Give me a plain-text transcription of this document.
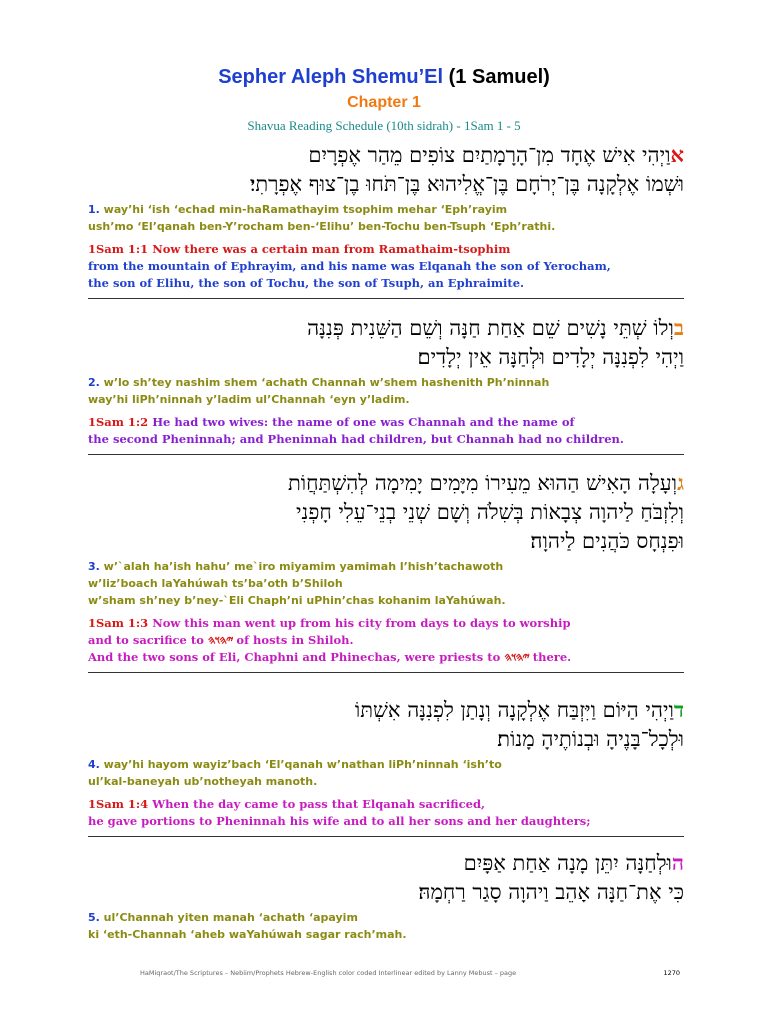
Sepher Aleph Shemu’El (1 Samuel)
Chapter 1
Shavua Reading Schedule (10th sidrah) - 1Sam 1 - 5
אוַיְהִי אִישׁ אֶחָד מִן־הָרָמָתַיִם צוֹפִים מֵהַר אֶפְרָיִם
וּשְׁמוֹ אֶלְקָנָה בֶּן־יְרֹחָם בֶּן־אֱלִיהוּא בֶּן־תֹּחוּ בֶן־צוּף אֶפְרָתִי׃
1. way’hi ‘ish ‘echad min-haRamathayim tsophim mehar ‘Eph’rayim
ush’mo ‘El’qanah ben-Y’rocham ben-‘Elihu’ ben-Tochu ben-Tsuph ‘Eph’rathi.
1Sam 1:1 Now there was a certain man from Ramathaim-tsophim
from the mountain of Ephrayim, and his name was Elqanah the son of Yerocham,
the son of Elihu, the son of Tochu, the son of Tsuph, an Ephraimite.
בוְלוֹ שְׁתֵּי נָשִׁים שֵׁם אַחַת חַנָּה וְשֵׁם הַשֵּׁנִית פְּנִנָּה
וַיְהִי לִפְנִנָּה יְלָדִים וּלְחַנָּה אֵין יְלָדִים׃
2. w’lo sh’tey nashim shem ‘achath Channah w’shem hashenith Ph’ninnah
way’hi liPh’ninnah y’ladim ul’Channah ‘eyn y’ladim.
1Sam 1:2 He had two wives: the name of one was Channah and the name of
the second Pheninnah; and Pheninnah had children, but Channah had no children.
גוְעָלָה הָאִישׁ הַהוּא מֵעִירוֹ מִיָּמִים יָמִימָה לְהִשְׁתַּחֲוֹת
וְלִזְבֹּחַ לַיהוָה צְבָאוֹת בְּשִׁלֹה וְשָׁם שְׁנֵי בְנֵי־עֵלִי חָפְנִי
וּפִנְחָס כֹּהֲנִים לַיהוָה׃
3. w’`alah ha’ish hahu’ me`iro miyamim yamimah l’hish’tachawoth
w’liz’boach laYahúwah ts’ba’oth b’Shiloh
w’sham sh’ney b’ney-`Eli Chaph’ni uPhin’chas kohanim laYahúwah.
1Sam 1:3 Now this man went up from his city from days to days to worship
and to sacrifice to 𐤉𐤄𐤅𐤄 of hosts in Shiloh.
And the two sons of Eli, Chaphni and Phinechas, were priests to 𐤉𐤄𐤅𐤄 there.
דוַיְהִי הַיּוֹם וַיִּזְבַּח אֶלְקָנָה וְנָתַן לִפְנִנָּה אִשְׁתּוֹ
וּלְכָל־בָּנֶיהָ וּבְנוֹתֶיהָ מָנוֹת׃
4. way’hi hayom wayiz’bach ‘El’qanah w’nathan liPh’ninnah ‘ish’to
ul’kal-baneyah ub’notheyah manoth.
1Sam 1:4 When the day came to pass that Elqanah sacrificed,
he gave portions to Pheninnah his wife and to all her sons and her daughters;
הוּלְחַנָּה יִתֵּן מָנָה אַחַת אַפָּיִם
כִּי אֶת־חַנָּה אָהֵב וַיהוָה סָגַר רַחְמָהּ׃
5. ul’Channah yiten manah ‘achath ‘apayim
ki ‘eth-Channah ‘aheb waYahúwah sagar rach’mah.
HaMiqraot/The Scriptures – Nebiim/Prophets Hebrew-English color coded Interlinear edited by Lanny Mebust – page	1270
